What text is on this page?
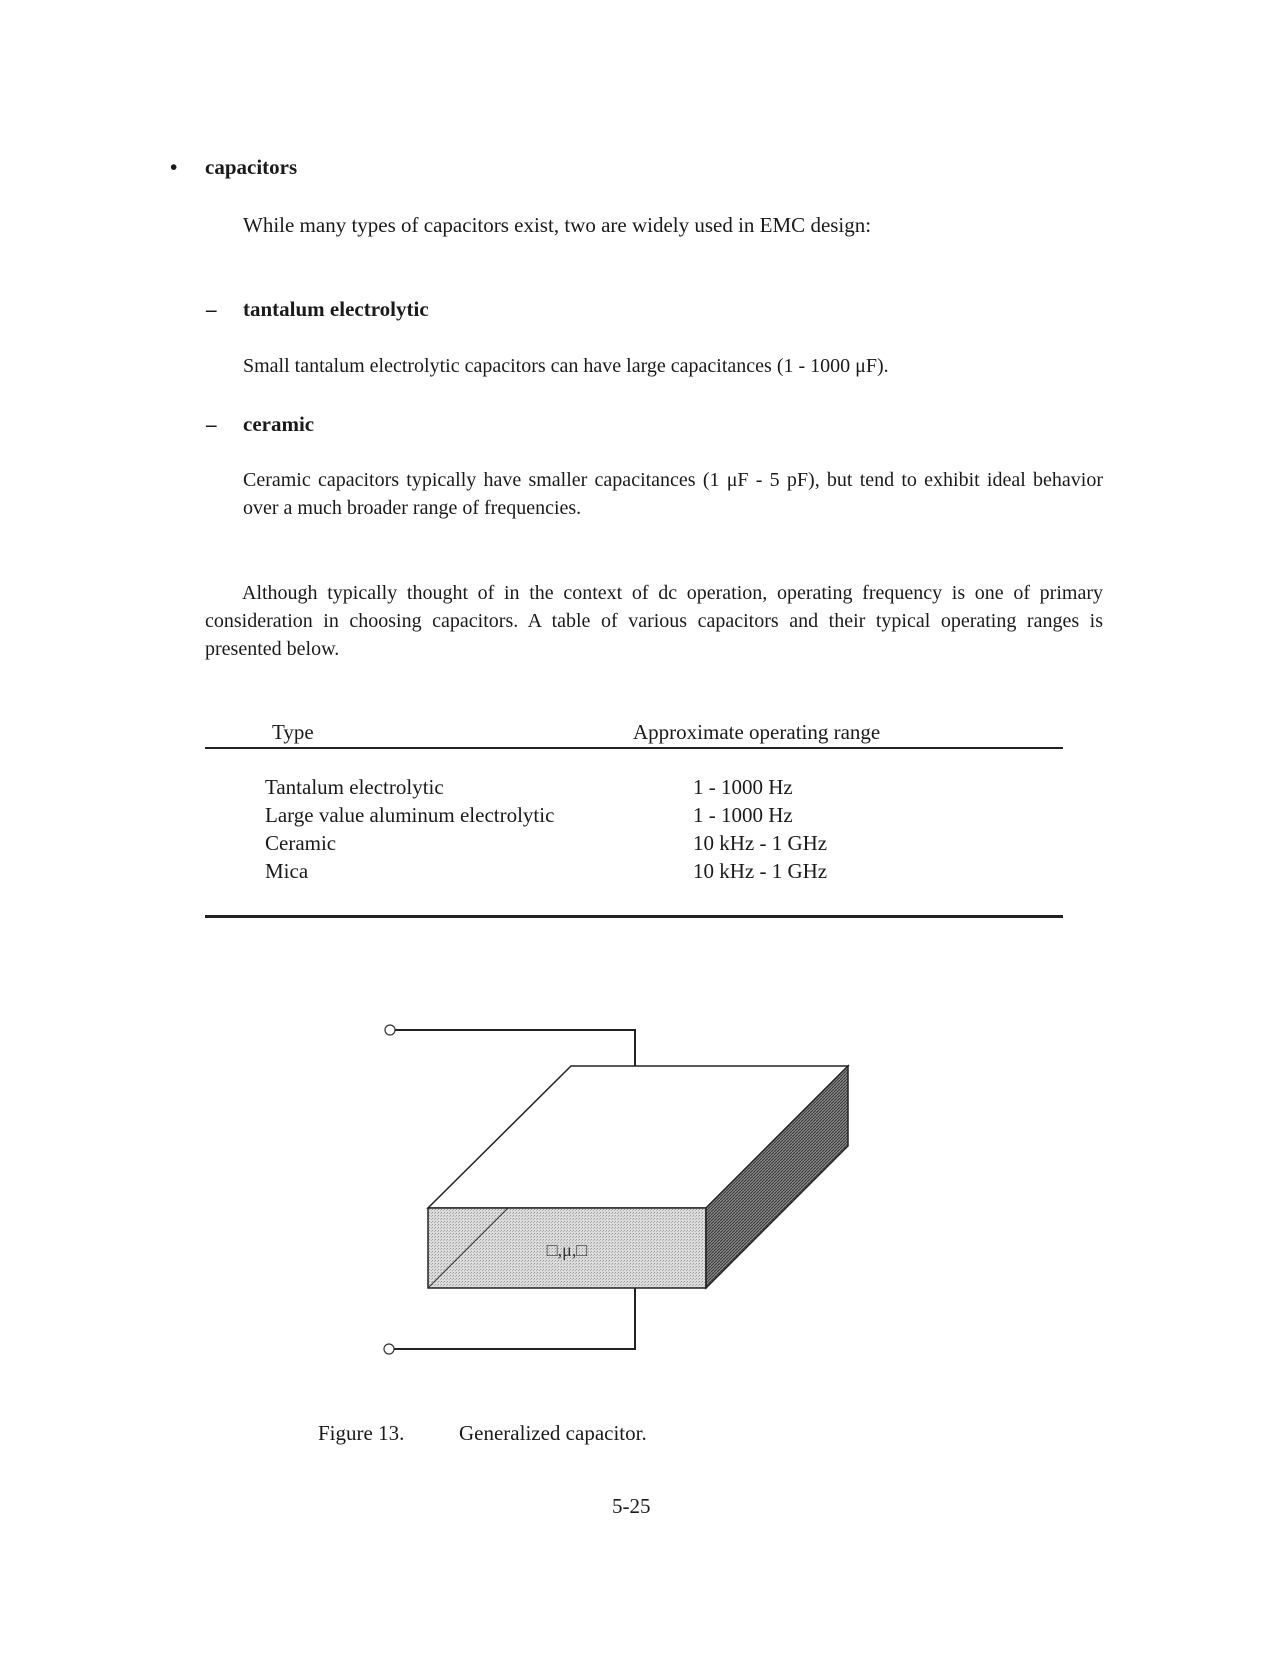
• capacitors
While many types of capacitors exist, two are widely used in EMC design:
– tantalum electrolytic
Small tantalum electrolytic capacitors can have large capacitances (1 - 1000 μF).
– ceramic
Ceramic capacitors typically have smaller capacitances (1 μF - 5 pF), but tend to exhibit ideal behavior over a much broader range of frequencies.
Although typically thought of in the context of dc operation, operating frequency is one of primary consideration in choosing capacitors. A table of various capacitors and their typical operating ranges is presented below.
Type	Approximate operating range
Tantalum electrolytic
Large value aluminum electrolytic
Ceramic
Mica
1 - 1000 Hz
1 - 1000 Hz
10 kHz - 1 GHz
10 kHz - 1 GHz
□,μ,□
Figure 13.	Generalized capacitor.
5-25
